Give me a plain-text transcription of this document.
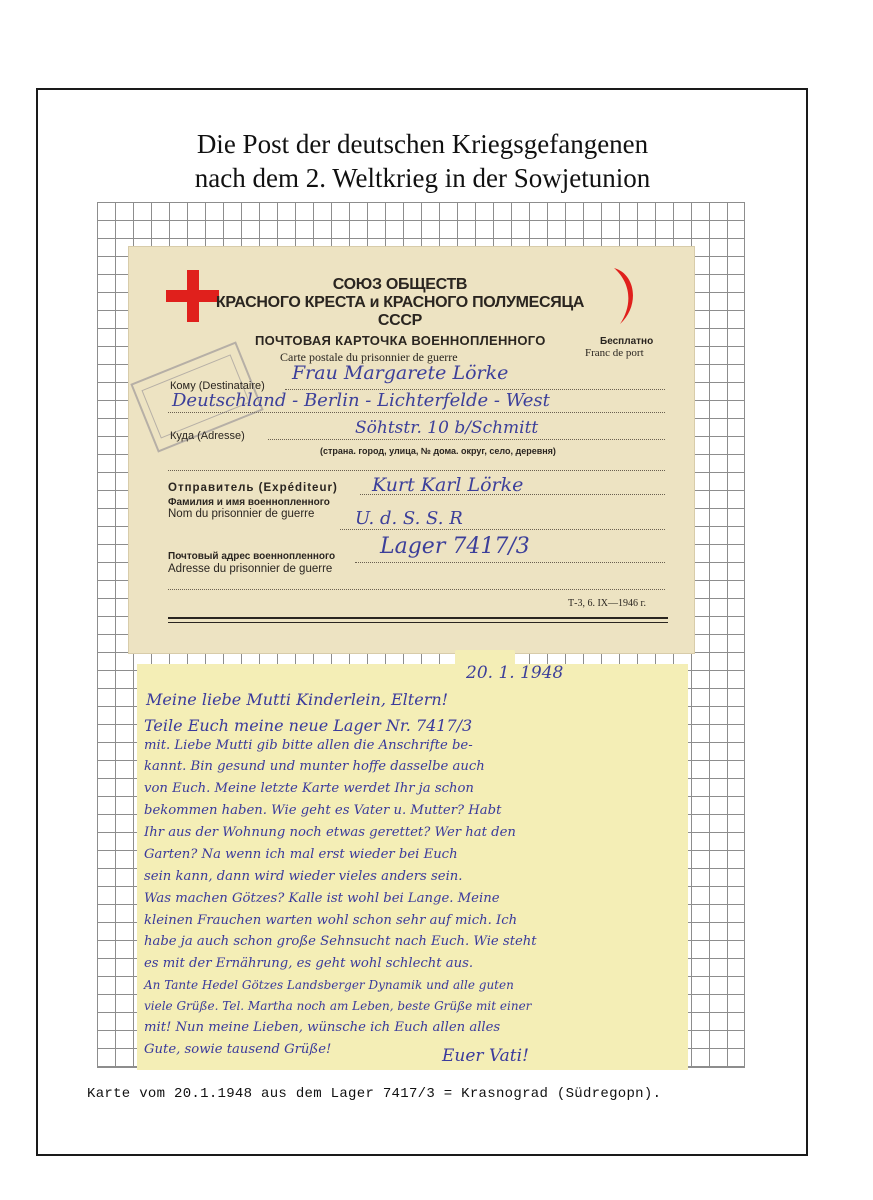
Die Post der deutschen Kriegsgefangenen
nach dem 2. Weltkrieg in der Sowjetunion
СОЮЗ ОБЩЕСТВ
КРАСНОГО КРЕСТА и КРАСНОГО ПОЛУМЕСЯЦА
СССР
ПОЧТОВАЯ КАРТОЧКА ВОЕННОПЛЕННОГО
Carte postale du prisonnier de guerre
Бесплатно
Franc de port
Кому (Destinataire)
Frau Margarete Lörke
Deutschland - Berlin - Lichterfelde - West
Куда (Adresse)	Söhtstr. 10 b/Schmitt
(страна. город, улица, № дома. округ, село, деревня)
Отправитель (Expéditeur) Kurt Karl Lörke
Фамилия и имя военнопленного
Nom du prisonnier de guerre U. d. S. S. R
Почтовый адрес военнопленного
Adresse du prisonnier de guerre
Lager 7417/3
Т-3, 6. IX—1946 г.
20. 1. 1948
Meine liebe Mutti Kinderlein, Eltern!
Teile Euch meine neue Lager Nr. 7417/3
mit. Liebe Mutti gib bitte allen die Anschrifte be-
kannt. Bin gesund und munter hoffe dasselbe auch
von Euch. Meine letzte Karte werdet Ihr ja schon
bekommen haben. Wie geht es Vater u. Mutter? Habt
Ihr aus der Wohnung noch etwas gerettet? Wer hat den
Garten? Na wenn ich mal erst wieder bei Euch
sein kann, dann wird wieder vieles anders sein.
Was machen Götzes? Kalle ist wohl bei Lange. Meine
kleinen Frauchen warten wohl schon sehr auf mich. Ich
habe ja auch schon große Sehnsucht nach Euch. Wie steht
es mit der Ernährung, es geht wohl schlecht aus.
An Tante Hedel Götzes Landsberger Dynamik und alle guten
viele Grüße. Tel. Martha noch am Leben, beste Grüße mit einer
mit! Nun meine Lieben, wünsche ich Euch allen alles
Gute, sowie tausend Grüße!	Euer Vati!
Karte vom 20.1.1948 aus dem Lager 7417/3 = Krasnograd (Südregopn).
